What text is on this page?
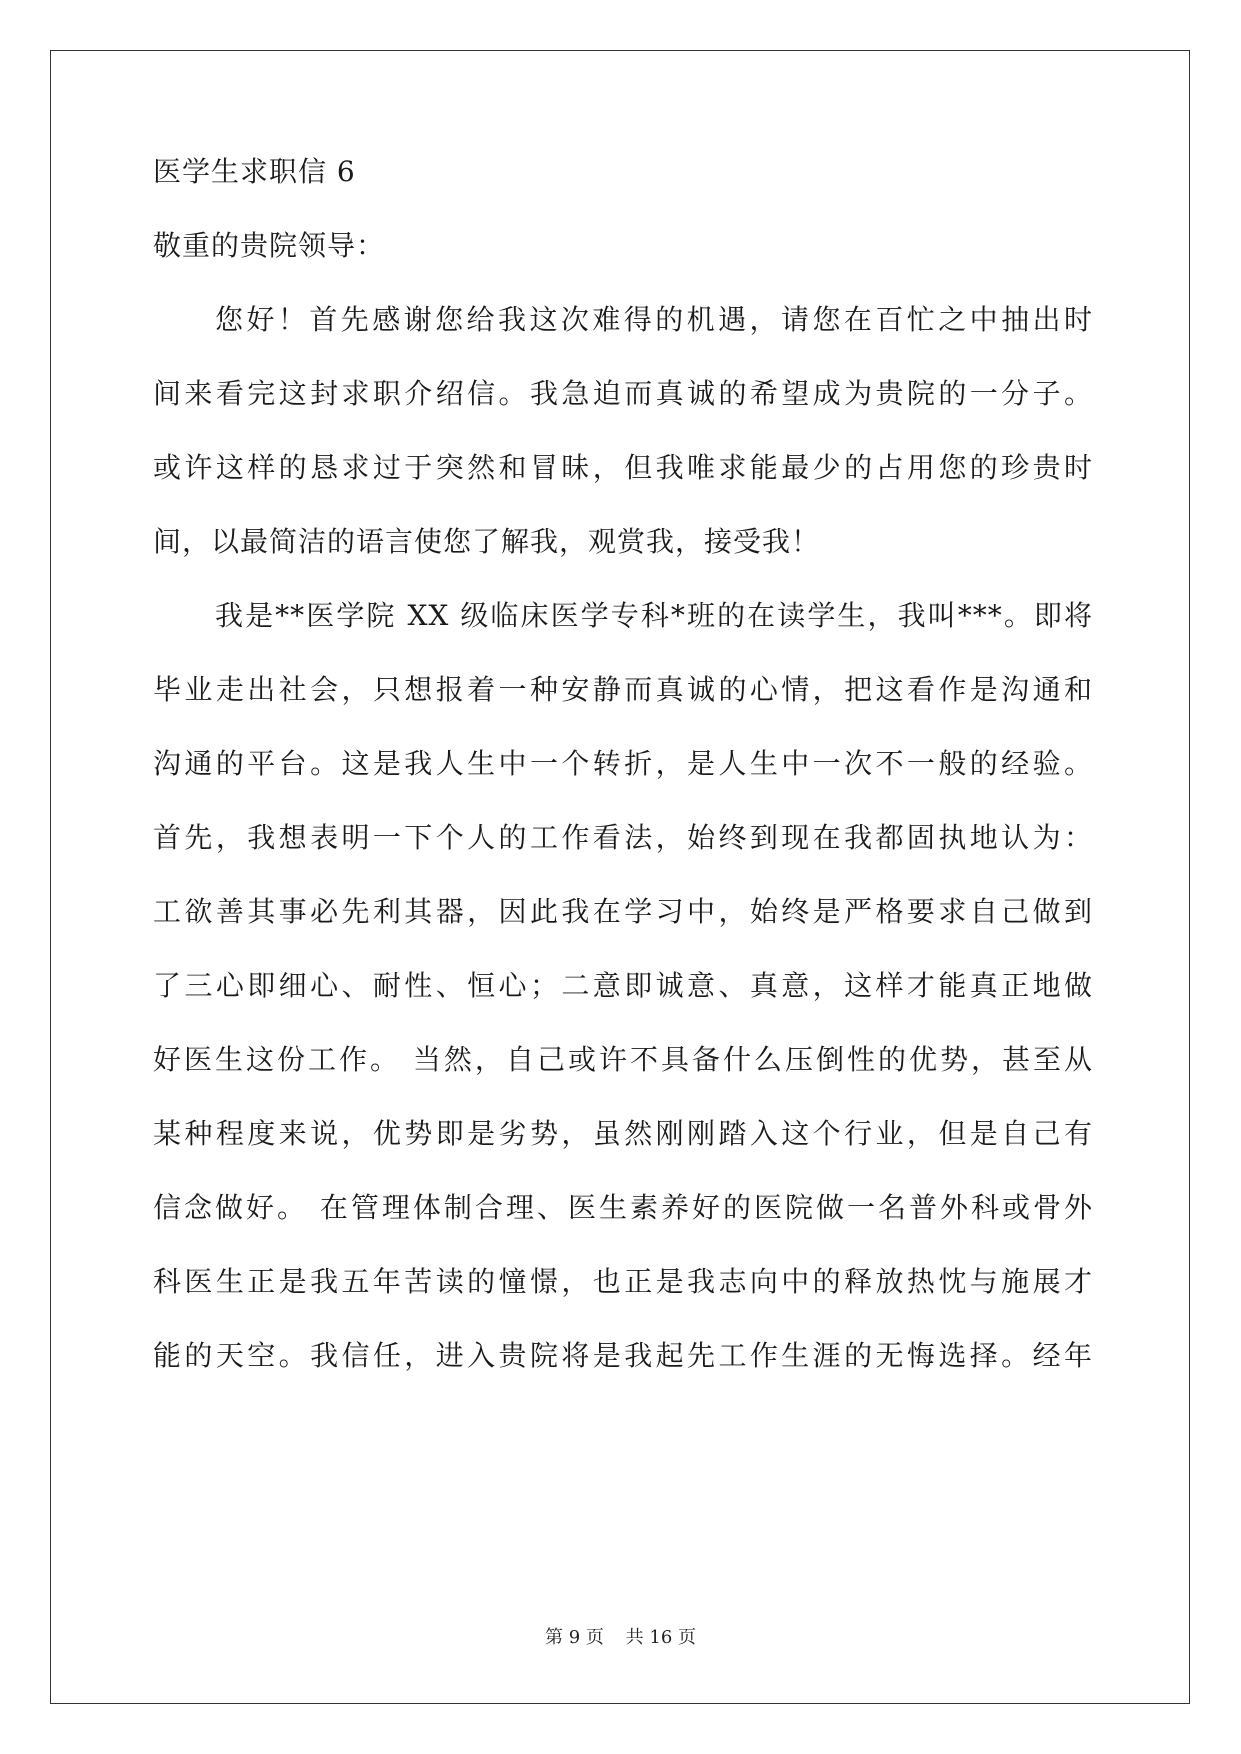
医学生求职信 6
敬重的贵院领导：
您好！首先感谢您给我这次难得的机遇，请您在百忙之中抽出时
间来看完这封求职介绍信。我急迫而真诚的希望成为贵院的一分子。
或许这样的恳求过于突然和冒昧，但我唯求能最少的占用您的珍贵时
间，以最简洁的语言使您了解我，观赏我，接受我！
我是**医学院 XX 级临床医学专科*班的在读学生，我叫***。即将
毕业走出社会，只想报着一种安静而真诚的心情，把这看作是沟通和
沟通的平台。这是我人生中一个转折，是人生中一次不一般的经验。
首先，我想表明一下个人的工作看法，始终到现在我都固执地认为：
工欲善其事必先利其器，因此我在学习中，始终是严格要求自己做到
了三心即细心、耐性、恒心；二意即诚意、真意，这样才能真正地做
好医生这份工作。 当然，自己或许不具备什么压倒性的优势，甚至从
某种程度来说，优势即是劣势，虽然刚刚踏入这个行业，但是自己有
信念做好。 在管理体制合理、医生素养好的医院做一名普外科或骨外
科医生正是我五年苦读的憧憬，也正是我志向中的释放热忱与施展才
能的天空。我信任，进入贵院将是我起先工作生涯的无悔选择。经年
第 9 页 共 16 页
